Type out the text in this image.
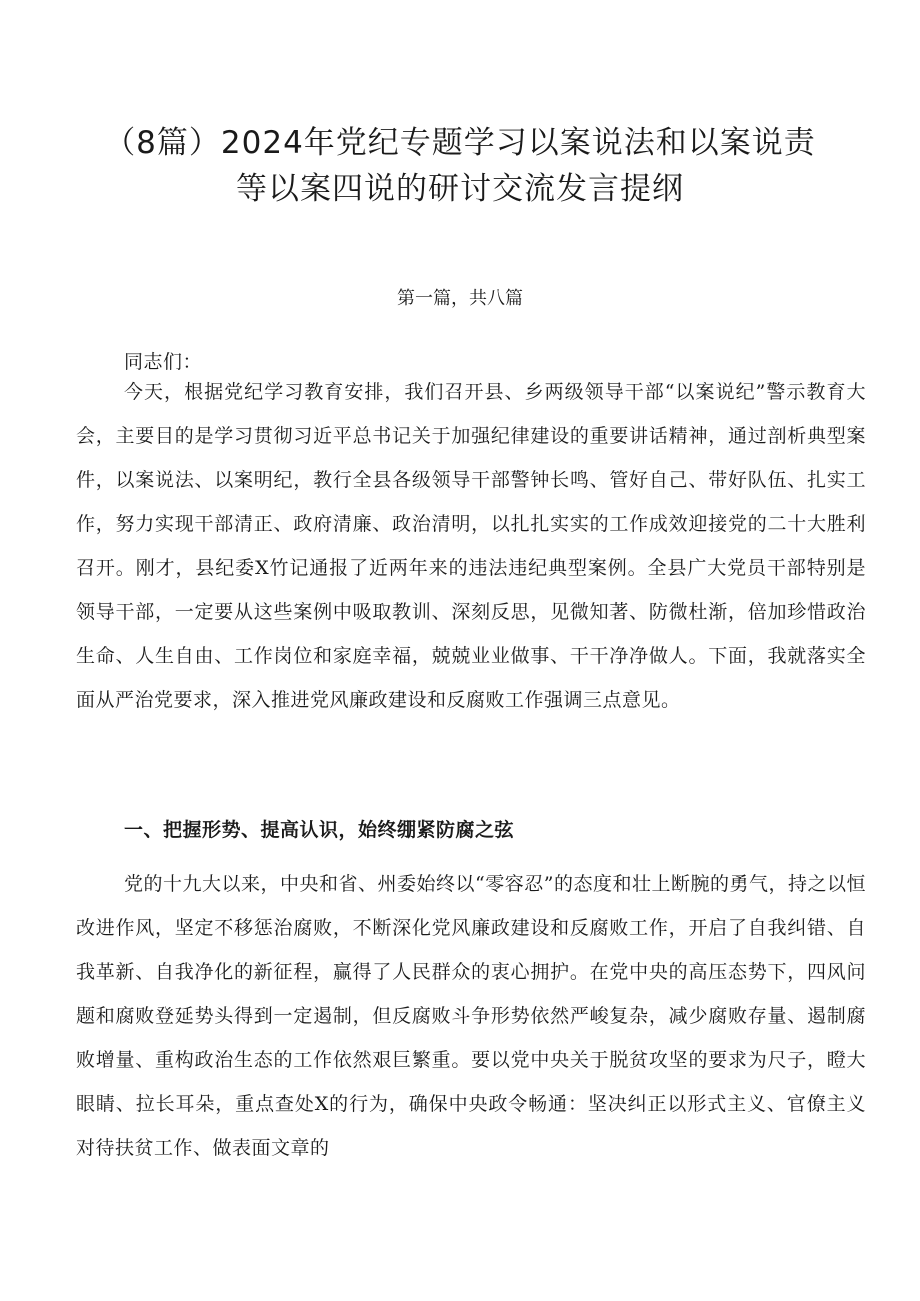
（8篇）2024年党纪专题学习以案说法和以案说责
等以案四说的研讨交流发言提纲

第一篇，共八篇

同志们：

今天，根据党纪学习教育安排，我们召开县、乡两级领导干部“以案说纪”警示教育大会，主要目的是学习贯彻习近平总书记关于加强纪律建设的重要讲话精神，通过剖析典型案件，以案说法、以案明纪，教行全县各级领导干部警钟长鸣、管好自己、带好队伍、扎实工作，努力实现干部清正、政府清廉、政治清明，以扎扎实实的工作成效迎接党的二十大胜利召开。刚才，县纪委X竹记通报了近两年来的违法违纪典型案例。全县广大党员干部特别是领导干部，一定要从这些案例中吸取教训、深刻反思，见微知著、防微杜渐，倍加珍惜政治生命、人生自由、工作岗位和家庭幸福，兢兢业业做事、干干净净做人。下面，我就落实全面从严治党要求，深入推进党风廉政建设和反腐败工作强调三点意见。

一、把握形势、提高认识，始终绷紧防腐之弦

党的十九大以来，中央和省、州委始终以“零容忍”的态度和壮上断腕的勇气，持之以恒改进作风，坚定不移惩治腐败，不断深化党风廉政建设和反腐败工作，开启了自我纠错、自我革新、自我净化的新征程，赢得了人民群众的衷心拥护。在党中央的高压态势下，四风问题和腐败登延势头得到一定遏制，但反腐败斗争形势依然严峻复杂，减少腐败存量、遏制腐败增量、重构政治生态的工作依然艰巨繁重。要以党中央关于脱贫攻坚的要求为尺子，瞪大眼睛、拉长耳朵，重点查处X的行为，确保中央政令畅通：坚决纠正以形式主义、官僚主义对待扶贫工作、做表面文章的
